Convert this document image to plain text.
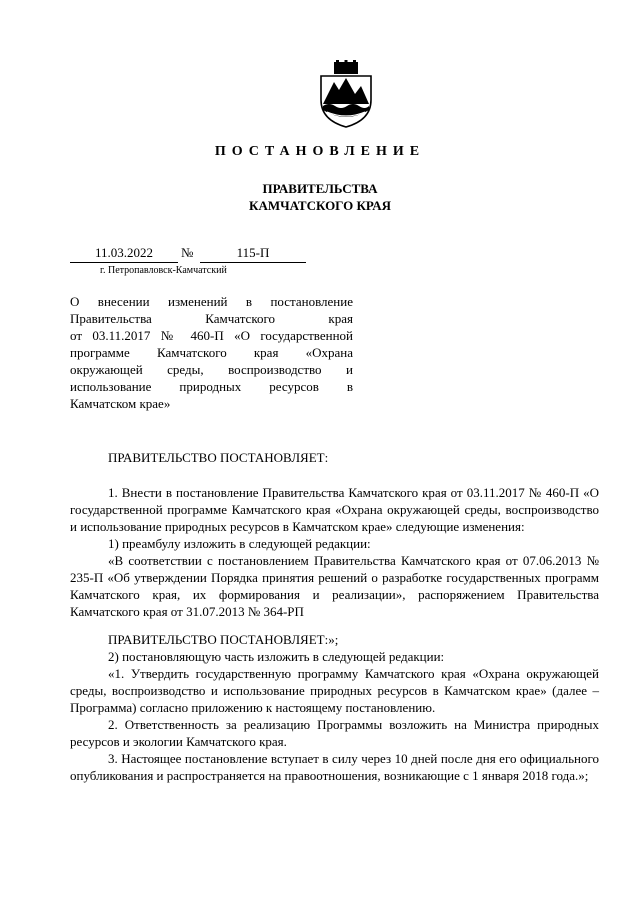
ПОСТАНОВЛЕНИЕ
ПРАВИТЕЛЬСТВА
КАМЧАТСКОГО КРАЯ
11.03.2022	№	115-П
г. Петропавловск-Камчатский
О внесении изменений в постановление
Правительства Камчатского края
от 03.11.2017 № 460-П «О государственной
программе Камчатского края «Охрана
окружающей среды, воспроизводство и
использование природных ресурсов в
Камчатском крае»

ПРАВИТЕЛЬСТВО ПОСТАНОВЛЯЕТ:

1. Внести в постановление Правительства Камчатского края от 03.11.2017 № 460-П «О государственной программе Камчатского края «Охрана окружающей среды, воспроизводство и использование природных ресурсов в Камчатском крае» следующие изменения:

1) преамбулу изложить в следующей редакции:

«В соответствии с постановлением Правительства Камчатского края от 07.06.2013 № 235-П «Об утверждении Порядка принятия решений о разработке государственных программ Камчатского края, их формирования и реализации», распоряжением Правительства Камчатского края от 31.07.2013 № 364-РП

ПРАВИТЕЛЬСТВО ПОСТАНОВЛЯЕТ:»;

2) постановляющую часть изложить в следующей редакции:

«1. Утвердить государственную программу Камчатского края «Охрана окружающей среды, воспроизводство и использование природных ресурсов в Камчатском крае» (далее – Программа) согласно приложению к настоящему постановлению.

2. Ответственность за реализацию Программы возложить на Министра природных ресурсов и экологии Камчатского края.

3. Настоящее постановление вступает в силу через 10 дней после дня его официального опубликования и распространяется на правоотношения, возникающие с 1 января 2018 года.»;
